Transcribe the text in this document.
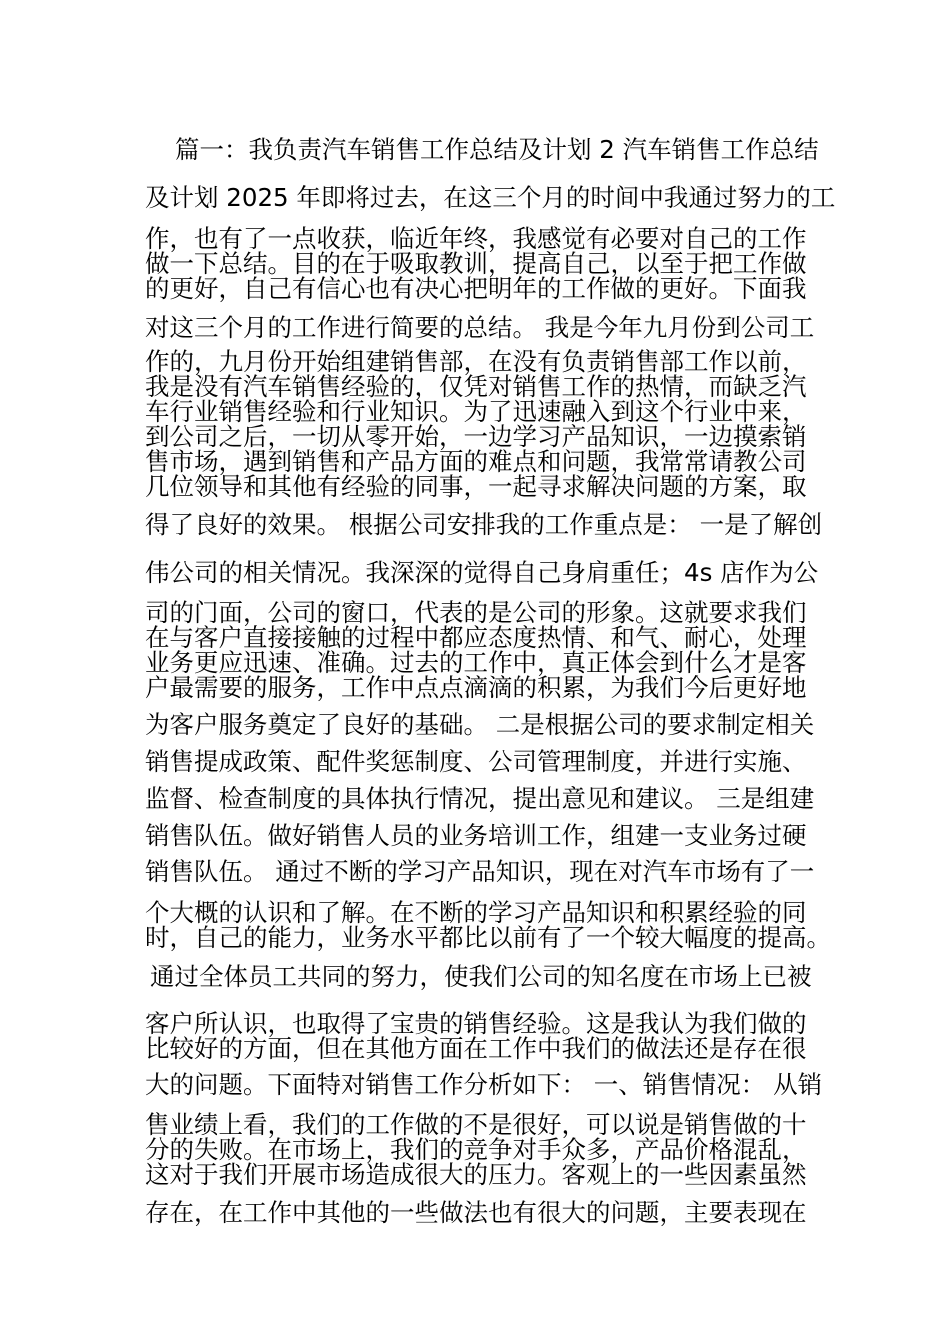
篇一：我负责汽车销售工作总结及计划 2 汽车销售工作总结

及计划 2025 年即将过去，在这三个月的时间中我通过努力的工

作，也有了一点收获，临近年终，我感觉有必要对自己的工作

做一下总结。目的在于吸取教训，提高自己，以至于把工作做

的更好，自己有信心也有决心把明年的工作做的更好。下面我

对这三个月的工作进行简要的总结。 我是今年九月份到公司工

作的，九月份开始组建销售部，在没有负责销售部工作以前，

我是没有汽车销售经验的，仅凭对销售工作的热情，而缺乏汽

车行业销售经验和行业知识。为了迅速融入到这个行业中来，

到公司之后，一切从零开始，一边学习产品知识，一边摸索销

售市场，遇到销售和产品方面的难点和问题，我常常请教公司

几位领导和其他有经验的同事，一起寻求解决问题的方案，取

得了良好的效果。 根据公司安排我的工作重点是： 一是了解创

伟公司的相关情况。我深深的觉得自己身肩重任；4s 店作为公

司的门面，公司的窗口，代表的是公司的形象。这就要求我们

在与客户直接接触的过程中都应态度热情、和气、耐心，处理

业务更应迅速、准确。过去的工作中，真正体会到什么才是客

户最需要的服务，工作中点点滴滴的积累，为我们今后更好地

为客户服务奠定了良好的基础。 二是根据公司的要求制定相关

销售提成政策、配件奖惩制度、公司管理制度，并进行实施、

监督、检查制度的具体执行情况，提出意见和建议。 三是组建

销售队伍。做好销售人员的业务培训工作，组建一支业务过硬

销售队伍。 通过不断的学习产品知识，现在对汽车市场有了一

个大概的认识和了解。在不断的学习产品知识和积累经验的同

时，自己的能力，业务水平都比以前有了一个较大幅度的提高。

通过全体员工共同的努力，使我们公司的知名度在市场上已被

客户所认识，也取得了宝贵的销售经验。这是我认为我们做的

比较好的方面，但在其他方面在工作中我们的做法还是存在很

大的问题。下面特对销售工作分析如下： 一、销售情况： 从销

售业绩上看，我们的工作做的不是很好，可以说是销售做的十

分的失败。在市场上，我们的竞争对手众多，产品价格混乱，

这对于我们开展市场造成很大的压力。客观上的一些因素虽然

存在，在工作中其他的一些做法也有很大的问题，主要表现在
